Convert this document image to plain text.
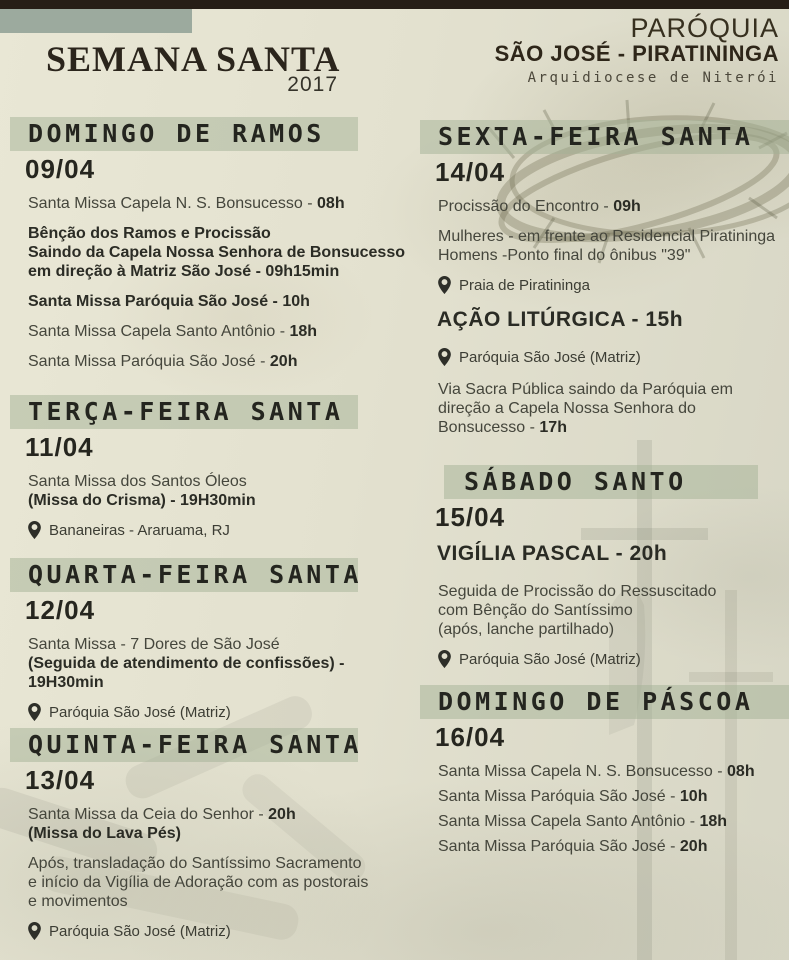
SEMANA SANTA
2017
PARÓQUIA
SÃO JOSÉ - PIRATININGA
Arquidiocese de Niterói
DOMINGO DE RAMOS
09/04

Santa Missa Capela N. S. Bonsucesso - 08h

Bênção dos Ramos e Procissão
Saindo da Capela Nossa Senhora de Bonsucesso
em direção à Matriz São José - 09h15min

Santa Missa Paróquia São José - 10h

Santa Missa Capela Santo Antônio - 18h

Santa Missa Paróquia São José - 20h

TERÇA-FEIRA SANTA
11/04

Santa Missa dos Santos Óleos
(Missa do Crisma) - 19H30min

Bananeiras - Araruama, RJ
QUARTA-FEIRA SANTA
12/04

Santa Missa - 7 Dores de São José
(Seguida de atendimento de confissões) - 19H30min

Paróquia São José (Matriz)
QUINTA-FEIRA SANTA
13/04

Santa Missa da Ceia do Senhor - 20h
(Missa do Lava Pés)

Após, transladação do Santíssimo Sacramento
e início da Vigília de Adoração com as postorais
e movimentos

Paróquia São José (Matriz)
SEXTA-FEIRA SANTA
14/04

Procissão do Encontro - 09h

Mulheres - em frente ao Residencial Piratininga
Homens -Ponto final do ônibus "39"

Praia de Piratininga
AÇÃO LITÚRGICA - 15h
Paróquia São José (Matriz)

Via Sacra Pública saindo da Paróquia em
direção a Capela Nossa Senhora do
Bonsucesso - 17h

SÁBADO SANTO
15/04
VIGÍLIA PASCAL - 20h

Seguida de Procissão do Ressuscitado
com Bênção do Santíssimo
(após, lanche partilhado)

Paróquia São José (Matriz)
DOMINGO DE PÁSCOA
16/04

Santa Missa Capela N. S. Bonsucesso - 08h

Santa Missa Paróquia São José - 10h

Santa Missa Capela Santo Antônio - 18h

Santa Missa Paróquia São José - 20h
